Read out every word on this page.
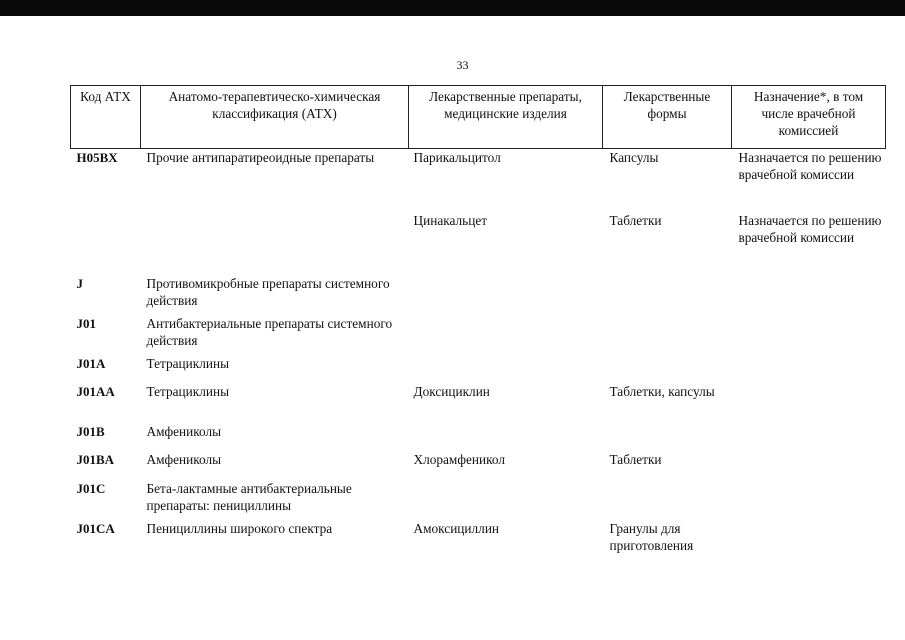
33
Код АТХ	Анатомо-терапевтическо-химическая классификация (АТХ)	Лекарственные препараты, медицинские изделия	Лекарственные формы	Назначение*, в том числе врачебной комиссией
H05BX	Прочие антипаратиреоидные препараты	Парикальцитол	Капсулы	Назначается по решению врачебной комиссии
		Цинакальцет	Таблетки	Назначается по решению врачебной комиссии
J	Противомикробные препараты системного действия			
J01	Антибактериальные препараты системного действия			
J01A	Тетрациклины			
J01AA	Тетрациклины	Доксициклин	Таблетки, капсулы	
J01B	Амфениколы			
J01BA	Амфениколы	Хлорамфеникол	Таблетки	
J01C	Бета-лактамные антибактериальные препараты: пенициллины			
J01CA	Пенициллины широкого спектра	Амоксициллин	Гранулы для приготовления	
